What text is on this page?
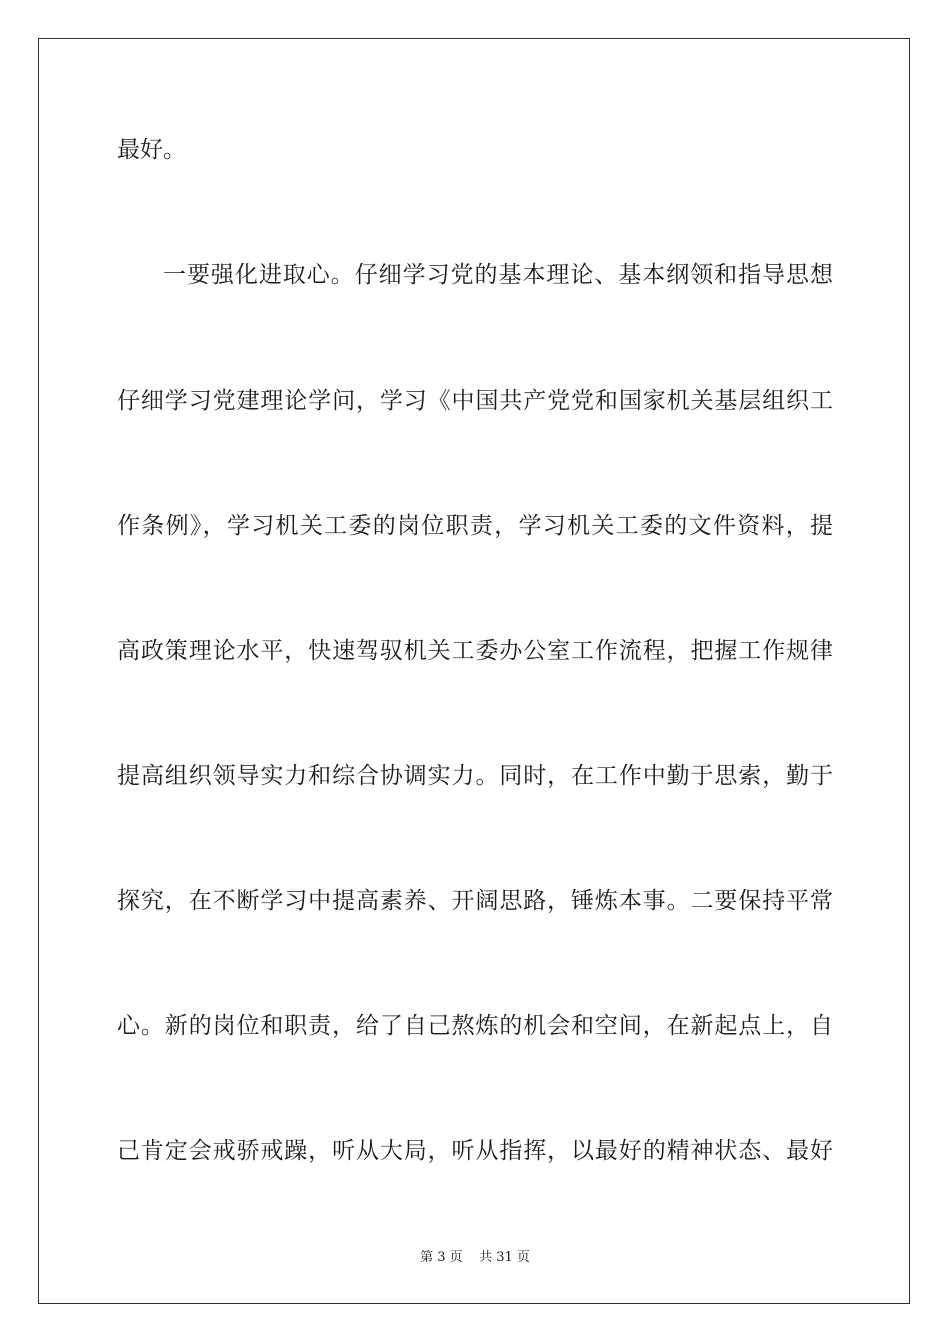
最好。
一要强化进取心。仔细学习党的基本理论、基本纲领和指导思想
仔细学习党建理论学问，学习《中国共产党党和国家机关基层组织工
作条例》，学习机关工委的岗位职责，学习机关工委的文件资料，提
高政策理论水平，快速驾驭机关工委办公室工作流程，把握工作规律
提高组织领导实力和综合协调实力。同时，在工作中勤于思索，勤于
探究，在不断学习中提高素养、开阔思路，锤炼本事。二要保持平常
心。新的岗位和职责，给了自己熬炼的机会和空间，在新起点上，自
己肯定会戒骄戒躁，听从大局，听从指挥，以最好的精神状态、最好
第 3 页    共 31 页
